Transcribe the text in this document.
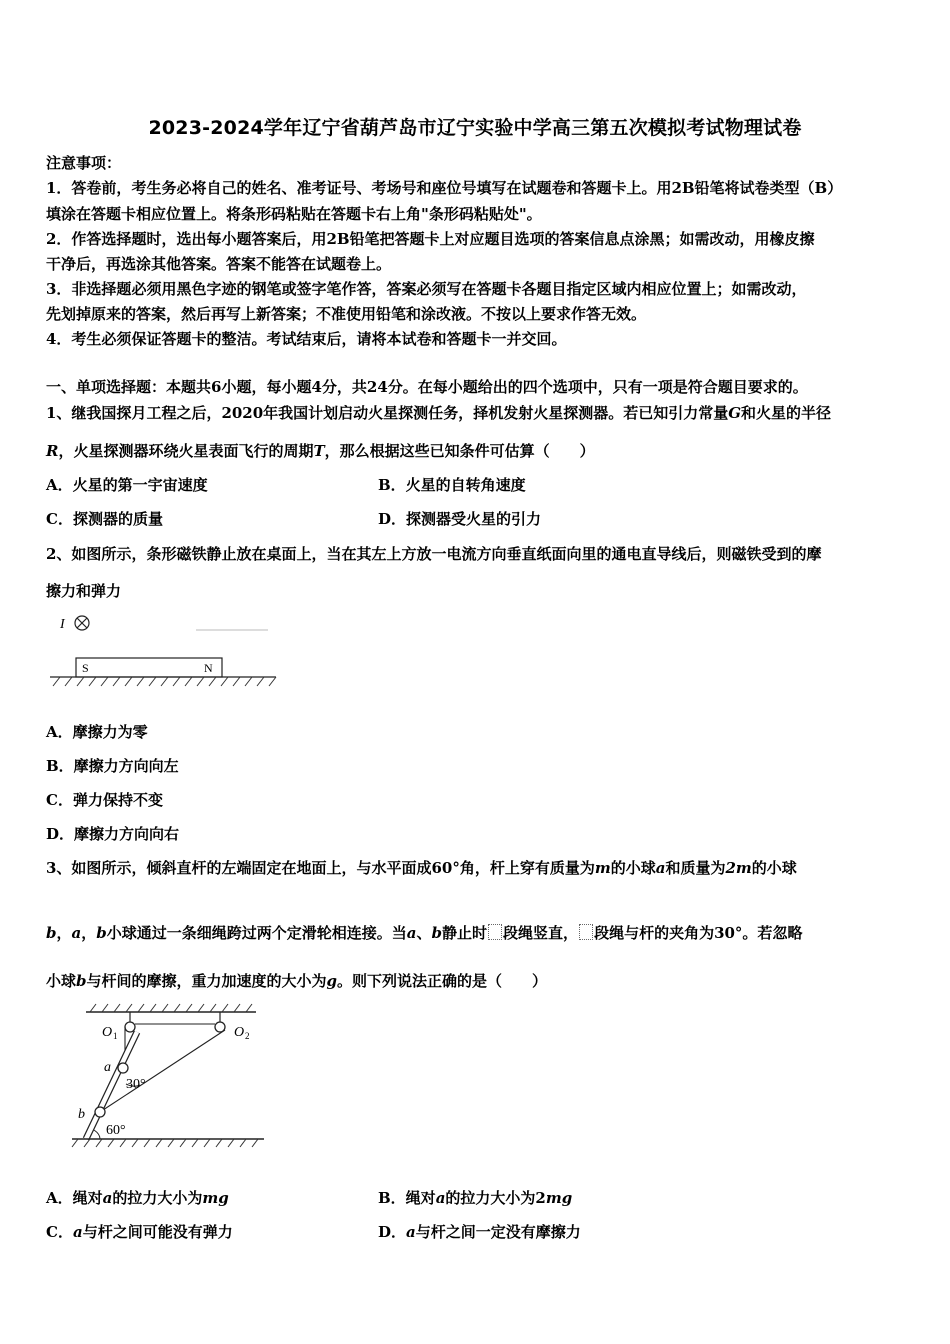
2023-2024学年辽宁省葫芦岛市辽宁实验中学高三第五次模拟考试物理试卷
注意事项：
1．答卷前，考生务必将自己的姓名、准考证号、考场号和座位号填写在试题卷和答题卡上。用2B铅笔将试卷类型（B）
填涂在答题卡相应位置上。将条形码粘贴在答题卡右上角"条形码粘贴处"。
2．作答选择题时，选出每小题答案后，用2B铅笔把答题卡上对应题目选项的答案信息点涂黑；如需改动，用橡皮擦
干净后，再选涂其他答案。答案不能答在试题卷上。
3．非选择题必须用黑色字迹的钢笔或签字笔作答，答案必须写在答题卡各题目指定区域内相应位置上；如需改动，
先划掉原来的答案，然后再写上新答案；不准使用铅笔和涂改液。不按以上要求作答无效。
4．考生必须保证答题卡的整洁。考试结束后，请将本试卷和答题卡一并交回。
一、单项选择题：本题共6小题，每小题4分，共24分。在每小题给出的四个选项中，只有一项是符合题目要求的。
1、继我国探月工程之后，2020年我国计划启动火星探测任务，择机发射火星探测器。若已知引力常量G和火星的半径
R，火星探测器环绕火星表面飞行的周期T，那么根据这些已知条件可估算（　　）
A．火星的第一宇宙速度	B．火星的自转角速度
C．探测器的质量	D．探测器受火星的引力
2、如图所示，条形磁铁静止放在桌面上，当在其左上方放一电流方向垂直纸面向里的通电直导线后，则磁铁受到的摩
擦力和弹力
I
S	N
A．摩擦力为零
B．摩擦力方向向左
C．弹力保持不变
D．摩擦力方向向右
3、如图所示，倾斜直杆的左端固定在地面上，与水平面成60°角，杆上穿有质量为m的小球a和质量为2m的小球
b，a，b小球通过一条细绳跨过两个定滑轮相连接。当a、b静止时 段绳竖直， 段绳与杆的夹角为30°。若忽略
小球b与杆间的摩擦，重力加速度的大小为g。则下列说法正确的是（　　）
O 1	O 2
a
b
30°
60°
A．绳对a的拉力大小为mg	B．绳对a的拉力大小为2mg
C．a与杆之间可能没有弹力	D．a与杆之间一定没有摩擦力
